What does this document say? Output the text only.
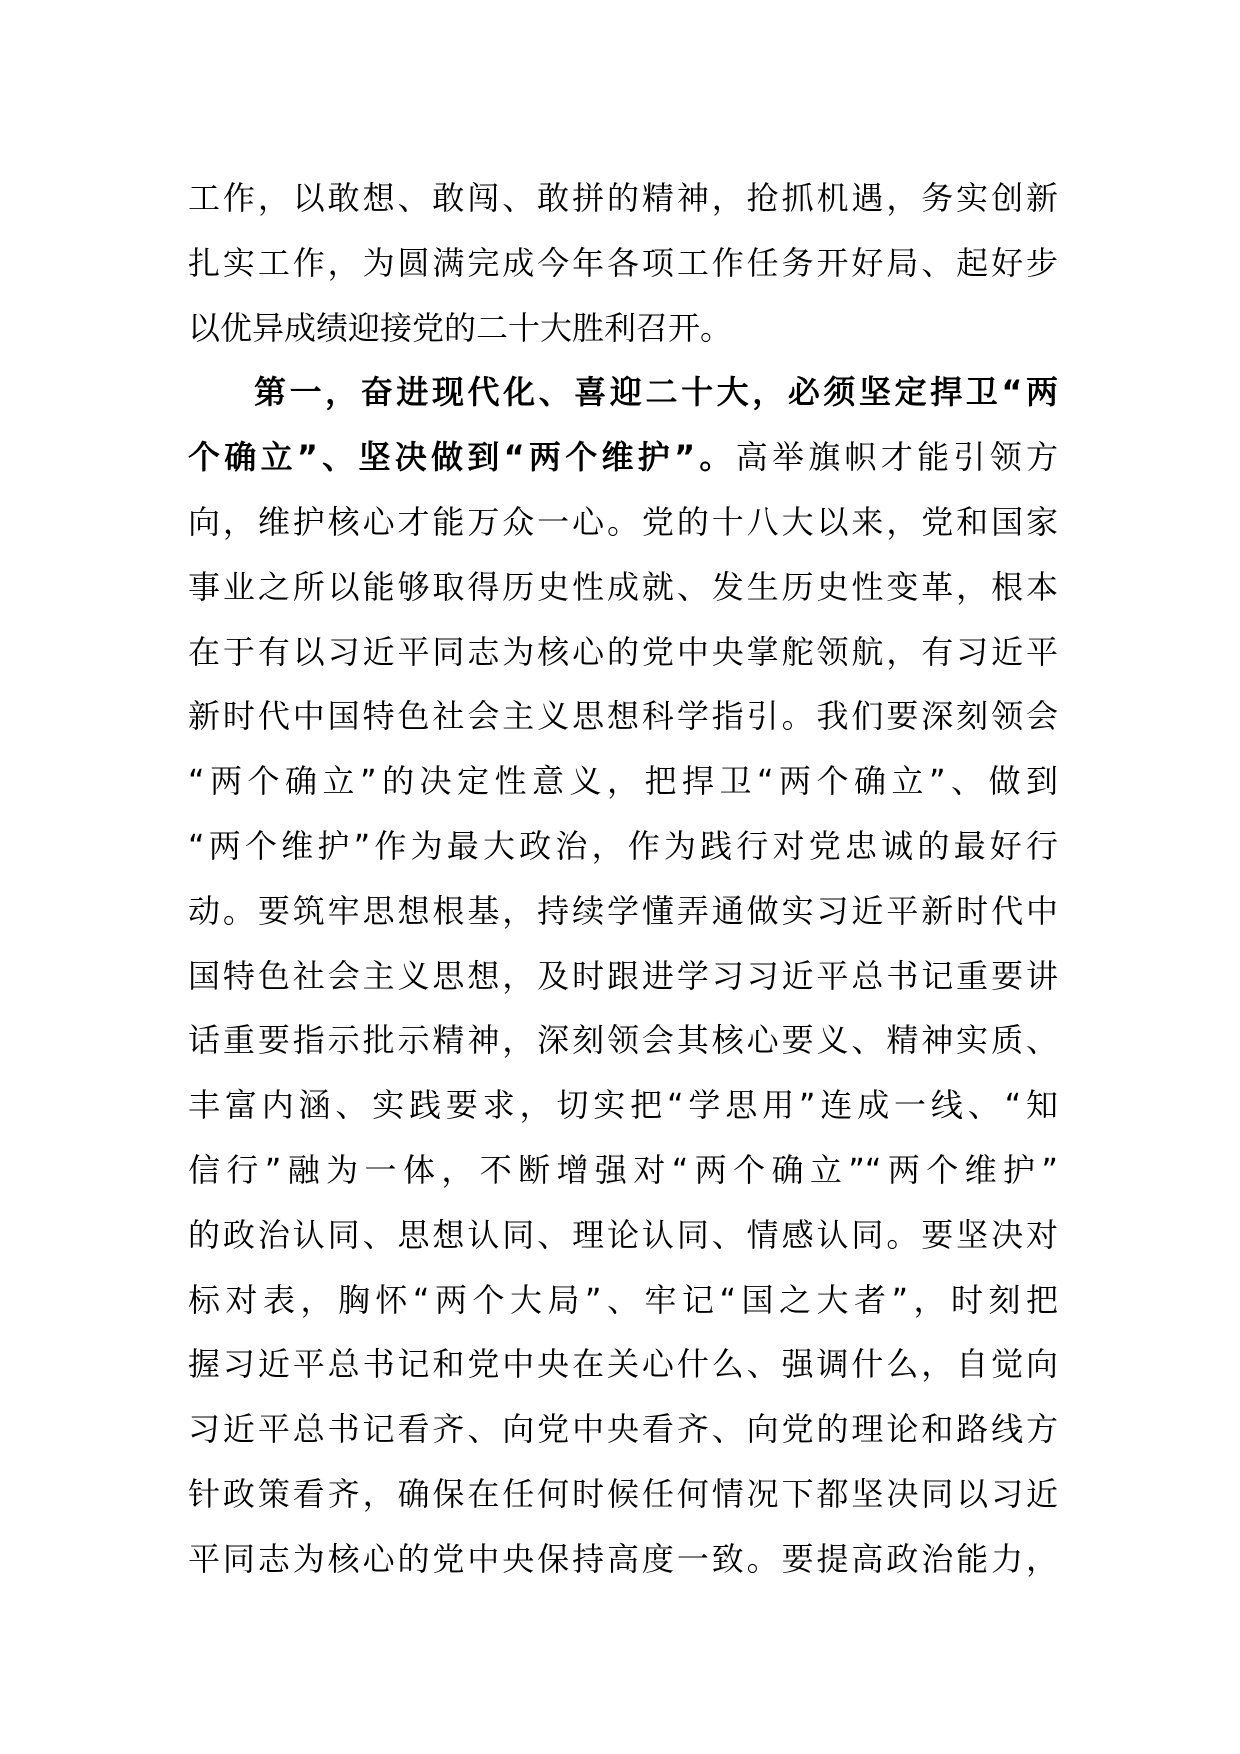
工作，以敢想、敢闯、敢拼的精神，抢抓机遇，务实创新
扎实工作，为圆满完成今年各项工作任务开好局、起好步
以优异成绩迎接党的二十大胜利召开。
第一，奋进现代化、喜迎二十大，必须坚定捍卫“两
个确立”、坚决做到“两个维护”。高举旗帜才能引领方
向，维护核心才能万众一心。党的十八大以来，党和国家
事业之所以能够取得历史性成就、发生历史性变革，根本
在于有以习近平同志为核心的党中央掌舵领航，有习近平
新时代中国特色社会主义思想科学指引。我们要深刻领会
“两个确立”的决定性意义，把捍卫“两个确立”、做到
“两个维护”作为最大政治，作为践行对党忠诚的最好行
动。要筑牢思想根基，持续学懂弄通做实习近平新时代中
国特色社会主义思想，及时跟进学习习近平总书记重要讲
话重要指示批示精神，深刻领会其核心要义、精神实质、
丰富内涵、实践要求，切实把“学思用”连成一线、“知
信行”融为一体，不断增强对“两个确立”“两个维护”
的政治认同、思想认同、理论认同、情感认同。要坚决对
标对表，胸怀“两个大局”、牢记“国之大者”，时刻把
握习近平总书记和党中央在关心什么、强调什么，自觉向
习近平总书记看齐、向党中央看齐、向党的理论和路线方
针政策看齐，确保在任何时候任何情况下都坚决同以习近
平同志为核心的党中央保持高度一致。要提高政治能力，
